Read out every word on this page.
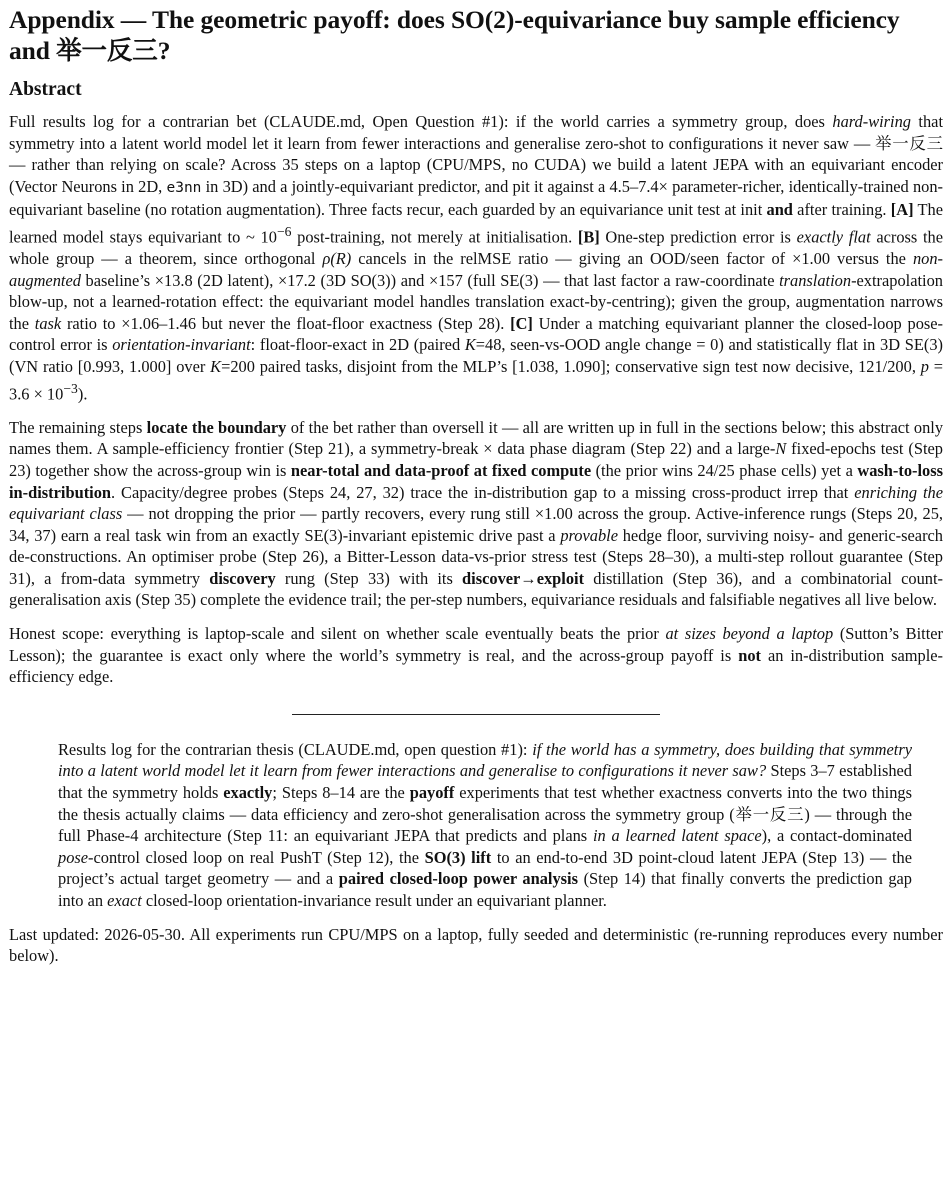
Appendix — The geometric payoff: does SO(2)-equivariance buy sample efficiency and 举一反三?
Abstract

Full results log for a contrarian bet (CLAUDE.md, Open Question #1): if the world carries a symmetry group, does hard-wiring that symmetry into a latent world model let it learn from fewer interactions and generalise zero-shot to configurations it never saw — 举一反三 — rather than relying on scale? Across 35 steps on a laptop (CPU/MPS, no CUDA) we build a latent JEPA with an equivariant encoder (Vector Neurons in 2D, e3nn in 3D) and a jointly-equivariant predictor, and pit it against a 4.5–7.4× parameter-richer, identically-trained non-equivariant baseline (no rotation augmentation). Three facts recur, each guarded by an equivariance unit test at init and after training. [A] The learned model stays equivariant to ~ $10^{-6}$ post-training, not merely at initialisation. [B] One-step prediction error is exactly flat across the whole group — a theorem, since orthogonal ρ(R) cancels in the relMSE ratio — giving an OOD/seen factor of ×1.00 versus the non-augmented baseline’s ×13.8 (2D latent), ×17.2 (3D SO(3)) and ×157 (full SE(3) — that last factor a raw-coordinate translation-extrapolation blow-up, not a learned-rotation effect: the equivariant model handles translation exact-by-centring); given the group, augmentation narrows the task ratio to ×1.06–1.46 but never the float-floor exactness (Step 28). [C] Under a matching equivariant planner the closed-loop pose-control error is orientation-invariant: float-floor-exact in 2D (paired K=48, seen-vs-OOD angle change = 0) and statistically flat in 3D SE(3) (VN ratio [0.993, 1.000] over K=200 paired tasks, disjoint from the MLP’s [1.038, 1.090]; conservative sign test now decisive, 121/200, $p = 3.6 \times 10^{-3}$).

The remaining steps locate the boundary of the bet rather than oversell it — all are written up in full in the sections below; this abstract only names them. A sample-efficiency frontier (Step 21), a symmetry-break × data phase diagram (Step 22) and a large-N fixed-epochs test (Step 23) together show the across-group win is near-total and data-proof at fixed compute (the prior wins 24/25 phase cells) yet a wash-to-loss in-distribution. Capacity/degree probes (Steps 24, 27, 32) trace the in-distribution gap to a missing cross-product irrep that enriching the equivariant class — not dropping the prior — partly recovers, every rung still ×1.00 across the group. Active-inference rungs (Steps 20, 25, 34, 37) earn a real task win from an exactly SE(3)-invariant epistemic drive past a provable hedge floor, surviving noisy- and generic-search de-constructions. An optimiser probe (Step 26), a Bitter-Lesson data-vs-prior stress test (Steps 28–30), a multi-step rollout guarantee (Step 31), a from-data symmetry discovery rung (Step 33) with its discover→exploit distillation (Step 36), and a combinatorial count-generalisation axis (Step 35) complete the evidence trail; the per-step numbers, equivariance residuals and falsifiable negatives all live below.

Honest scope: everything is laptop-scale and silent on whether scale eventually beats the prior at sizes beyond a laptop (Sutton’s Bitter Lesson); the guarantee is exact only where the world’s symmetry is real, and the across-group payoff is not an in-distribution sample-efficiency edge.

Results log for the contrarian thesis (CLAUDE.md, open question #1): if the world has a symmetry, does building that symmetry into a latent world model let it learn from fewer interactions and generalise to configurations it never saw? Steps 3–7 established that the symmetry holds exactly; Steps 8–14 are the payoff experiments that test whether exactness converts into the two things the thesis actually claims — data efficiency and zero-shot generalisation across the symmetry group (举一反三) — through the full Phase-4 architecture (Step 11: an equivariant JEPA that predicts and plans in a learned latent space), a contact-dominated pose-control closed loop on real PushT (Step 12), the SO(3) lift to an end-to-end 3D point-cloud latent JEPA (Step 13) — the project’s actual target geometry — and a paired closed-loop power analysis (Step 14) that finally converts the prediction gap into an exact closed-loop orientation-invariance result under an equivariant planner.

Last updated: 2026-05-30. All experiments run CPU/MPS on a laptop, fully seeded and deterministic (re-running reproduces every number below).
